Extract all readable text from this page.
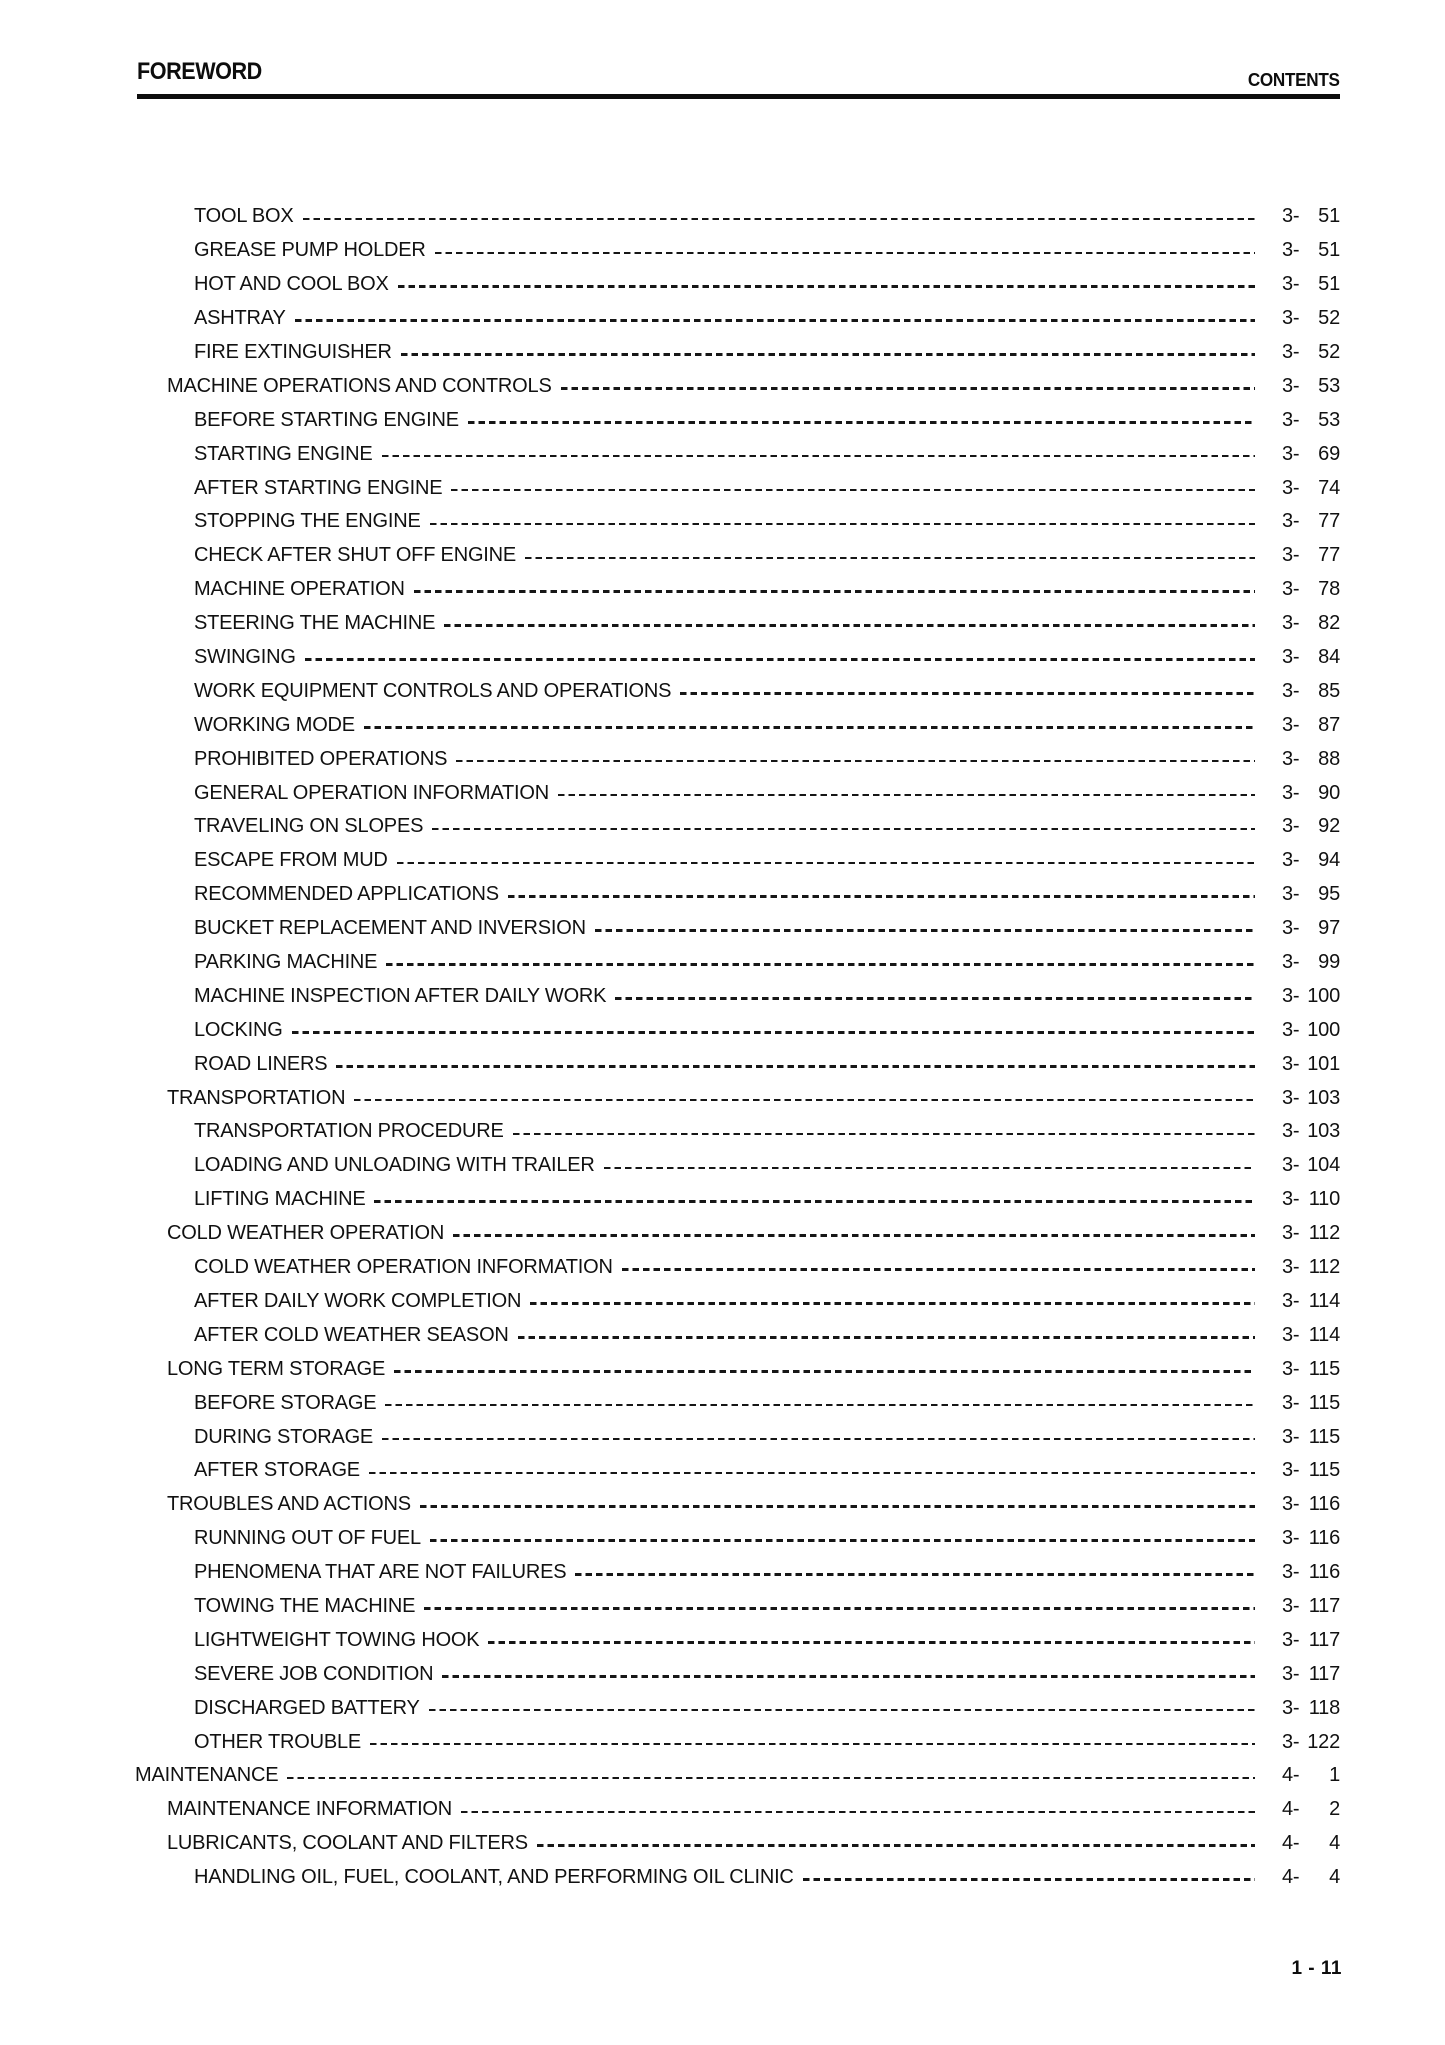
FOREWORD	CONTENTS
TOOL BOX	3- 51
GREASE PUMP HOLDER	3- 51
HOT AND COOL BOX	3- 51
ASHTRAY	3- 52
FIRE EXTINGUISHER	3- 52
MACHINE OPERATIONS AND CONTROLS	3- 53
BEFORE STARTING ENGINE	3- 53
STARTING ENGINE	3- 69
AFTER STARTING ENGINE	3- 74
STOPPING THE ENGINE	3- 77
CHECK AFTER SHUT OFF ENGINE	3- 77
MACHINE OPERATION	3- 78
STEERING THE MACHINE	3- 82
SWINGING	3- 84
WORK EQUIPMENT CONTROLS AND OPERATIONS	3- 85
WORKING MODE	3- 87
PROHIBITED OPERATIONS	3- 88
GENERAL OPERATION INFORMATION	3- 90
TRAVELING ON SLOPES	3- 92
ESCAPE FROM MUD	3- 94
RECOMMENDED APPLICATIONS	3- 95
BUCKET REPLACEMENT AND INVERSION	3- 97
PARKING MACHINE	3- 99
MACHINE INSPECTION AFTER DAILY WORK	3- 100
LOCKING	3- 100
ROAD LINERS	3- 101
TRANSPORTATION	3- 103
TRANSPORTATION PROCEDURE	3- 103
LOADING AND UNLOADING WITH TRAILER	3- 104
LIFTING MACHINE	3- 110
COLD WEATHER OPERATION	3- 112
COLD WEATHER OPERATION INFORMATION	3- 112
AFTER DAILY WORK COMPLETION	3- 114
AFTER COLD WEATHER SEASON	3- 114
LONG TERM STORAGE	3- 115
BEFORE STORAGE	3- 115
DURING STORAGE	3- 115
AFTER STORAGE	3- 115
TROUBLES AND ACTIONS	3- 116
RUNNING OUT OF FUEL	3- 116
PHENOMENA THAT ARE NOT FAILURES	3- 116
TOWING THE MACHINE	3- 117
LIGHTWEIGHT TOWING HOOK	3- 117
SEVERE JOB CONDITION	3- 117
DISCHARGED BATTERY	3- 118
OTHER TROUBLE	3- 122
MAINTENANCE	4-	1
MAINTENANCE INFORMATION	4-	2
LUBRICANTS, COOLANT AND FILTERS	4-	4
HANDLING OIL, FUEL, COOLANT, AND PERFORMING OIL CLINIC	4-	4
1 - 11
